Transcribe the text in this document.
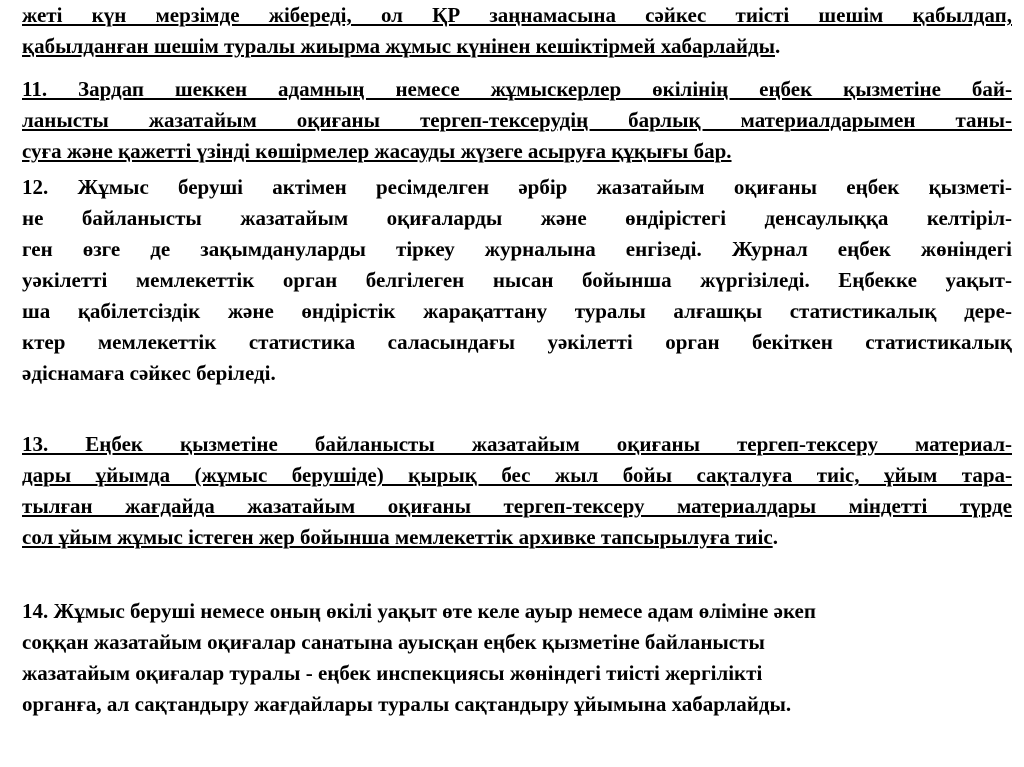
жеті күн мерзімде жібереді, ол ҚР заңнамасына сәйкес тиісті шешім қабылдап,
қабылданған шешім туралы жиырма жұмыс күнінен кешіктірмей хабарлайды.
11. Зардап шеккен адамның немесе жұмыскерлер өкілінің еңбек қызметіне бай-
ланысты жазатайым оқиғаны тергеп-тексерудің барлық материалдарымен таны-
суға және қажетті үзінді көшірмелер жасауды жүзеге асыруға құқығы бар.
12. Жұмыс беруші актімен ресімделген әрбір жазатайым оқиғаны еңбек қызметі-
не байланысты жазатайым оқиғаларды және өндірістегі денсаулыққа келтіріл-
ген өзге де зақымдануларды тіркеу журналына енгізеді. Журнал еңбек жөніндегі
уәкілетті мемлекеттік орган белгілеген нысан бойынша жүргізіледі. Еңбекке уақыт-
ша қабілетсіздік және өндірістік жарақаттану туралы алғашқы статистикалық дере-
ктер мемлекеттік статистика саласындағы уәкілетті орган бекіткен статистикалық
әдіснамаға сәйкес беріледі.
13. Еңбек қызметіне байланысты жазатайым оқиғаны тергеп-тексеру материал-
дары ұйымда (жұмыс берушіде) қырық бес жыл бойы сақталуға тиіс, ұйым тара-
тылған жағдайда жазатайым оқиғаны тергеп-тексеру материалдары міндетті түрде
сол ұйым жұмыс істеген жер бойынша мемлекеттік архивке тапсырылуға тиіс.
14. Жұмыс беруші немесе оның өкілі уақыт өте келе ауыр немесе адам өліміне әкеп
соққан жазатайым оқиғалар санатына ауысқан еңбек қызметіне байланысты
жазатайым оқиғалар туралы - еңбек инспекциясы жөніндегі тиісті жергілікті
органға, ал сақтандыру жағдайлары туралы сақтандыру ұйымына хабарлайды.
